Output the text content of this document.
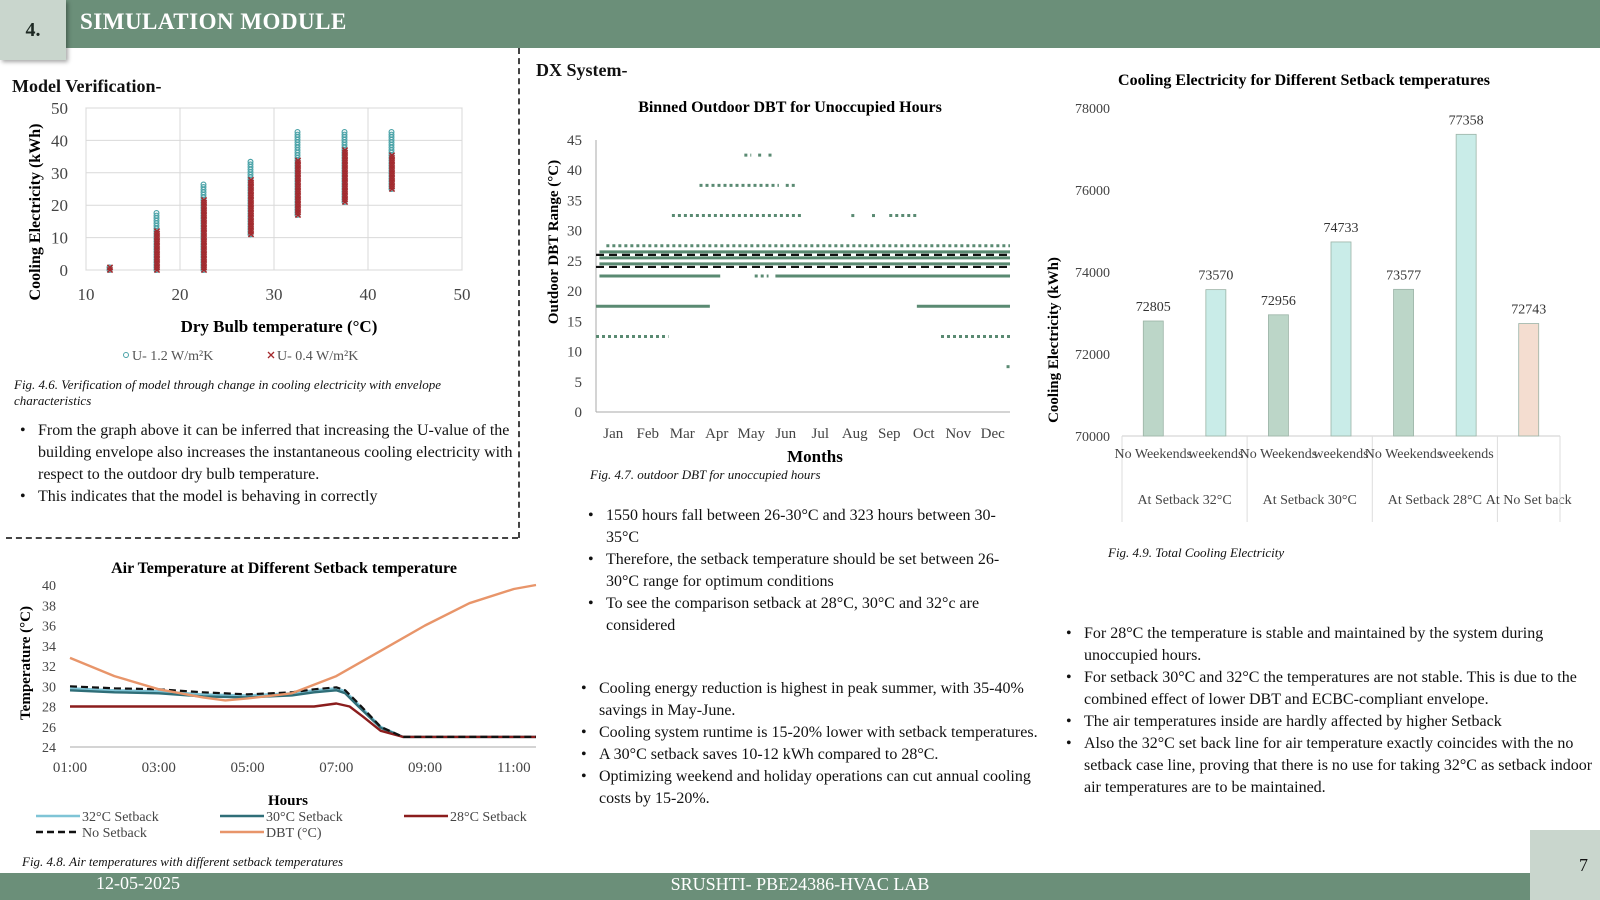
4.	SIMULATION MODULE
Model Verification-
0
10
20
30
40
50
10	20	30	40	50
Dry Bulb temperature (°C)
Cooling Electricity (kWh)
U- 1.2 W/m²K	U- 0.4 W/m²K
Fig. 4.6. Verification of model through change in cooling electricity with envelope characteristics
• From the graph above it can be inferred that increasing the U-value of the building envelope also increases the instantaneous cooling electricity with respect to the outdoor dry bulb temperature.
• This indicates that the model is behaving in correctly
Air Temperature at Different Setback temperature
24
26
28
30
32
34
36
38
40
01:00	03:00	05:00	07:00	09:00	11:00
Hours
Temperature (°C)
32°C Setback	30°C Setback	28°C Setback
No Setback	DBT (°C)
Fig. 4.8. Air temperatures with different setback temperatures
DX System-
Binned Outdoor DBT for Unoccupied Hours
0
5
10
15
20
25
30
35
40
45
Jan Feb Mar Apr May Jun Jul Aug Sep Oct Nov Dec
Months
Outdoor DBT Range (°C)
Fig. 4.7. outdoor DBT for unoccupied hours
• 1550 hours fall between 26-30°C and 323 hours between 30-35°C
• Therefore, the setback temperature should be set between 26-30°C range for optimum conditions
• To see the comparison setback at 28°C, 30°C and 32°c are considered
• Cooling energy reduction is highest in peak summer, with 35-40% savings in May-June.
• Cooling system runtime is 15-20% lower with setback temperatures.
• A 30°C setback saves 10-12 kWh compared to 28°C.
• Optimizing weekend and holiday operations can cut annual cooling costs by 15-20%.
Cooling Electricity for Different Setback temperatures
70000
72000
74000
76000
78000
At Setback 32°C At Setback 30°C At Setback 28°C At No Set back
72805
No Weekends
73570
weekends
72956
No Weekends
74733
weekends
73577
No Weekends
77358
weekends
72743
Cooling Electricity (kWh)
Fig. 4.9. Total Cooling Electricity
• For 28°C the temperature is stable and maintained by the system during unoccupied hours.
• For setback 30°C and 32°C the temperatures are not stable. This is due to the combined effect of lower DBT and ECBC-compliant envelope.
• The air temperatures inside are hardly affected by higher Setback
• Also the 32°C set back line for air temperature exactly coincides with the no setback case line, proving that there is no use for taking 32°C as setback indoor air temperatures are to be maintained.
12-05-2025	SRUSHTI- PBE24386-HVAC LAB
7
